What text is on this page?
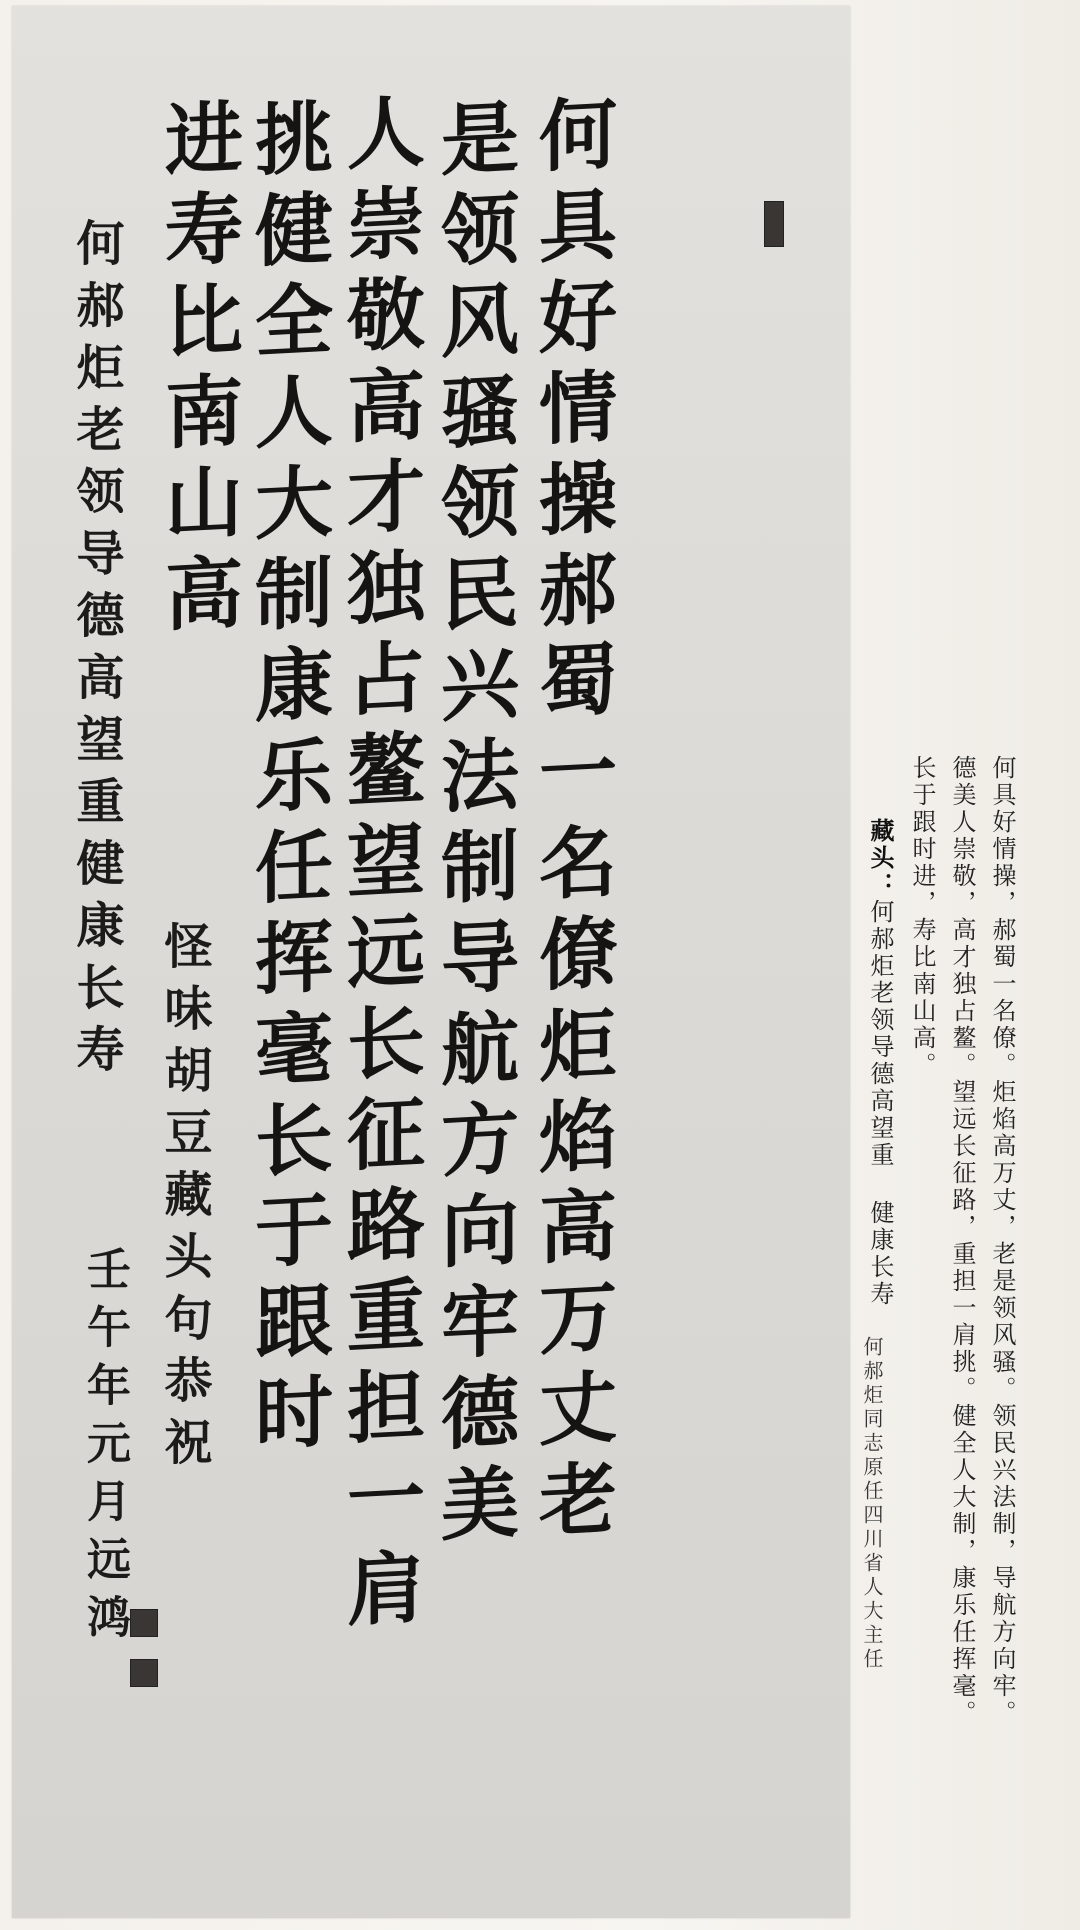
何具好情操郝蜀一名僚炬焰高万丈老

是领风骚领民兴法制导航方向牢德美

人崇敬高才独占鳌望远长征路重担一肩

挑健全人大制康乐任挥毫长于跟时

进寿比南山高

怪味胡豆藏头句恭祝

何郝炬老领导德高望重健康长寿

壬午年元月远鸿	何具好情操，郝蜀一名僚。炬焰高万丈，老是领风骚。领民兴法制，导航方向牢。

德美人崇敬，高才独占鳌。望远长征路，重担一肩挑。健全人大制，康乐任挥毫。

长于跟时进，寿比南山高。

藏头：何郝炬老领导德高望重 健康长寿

何郝炬同志原任四川省人大主任
